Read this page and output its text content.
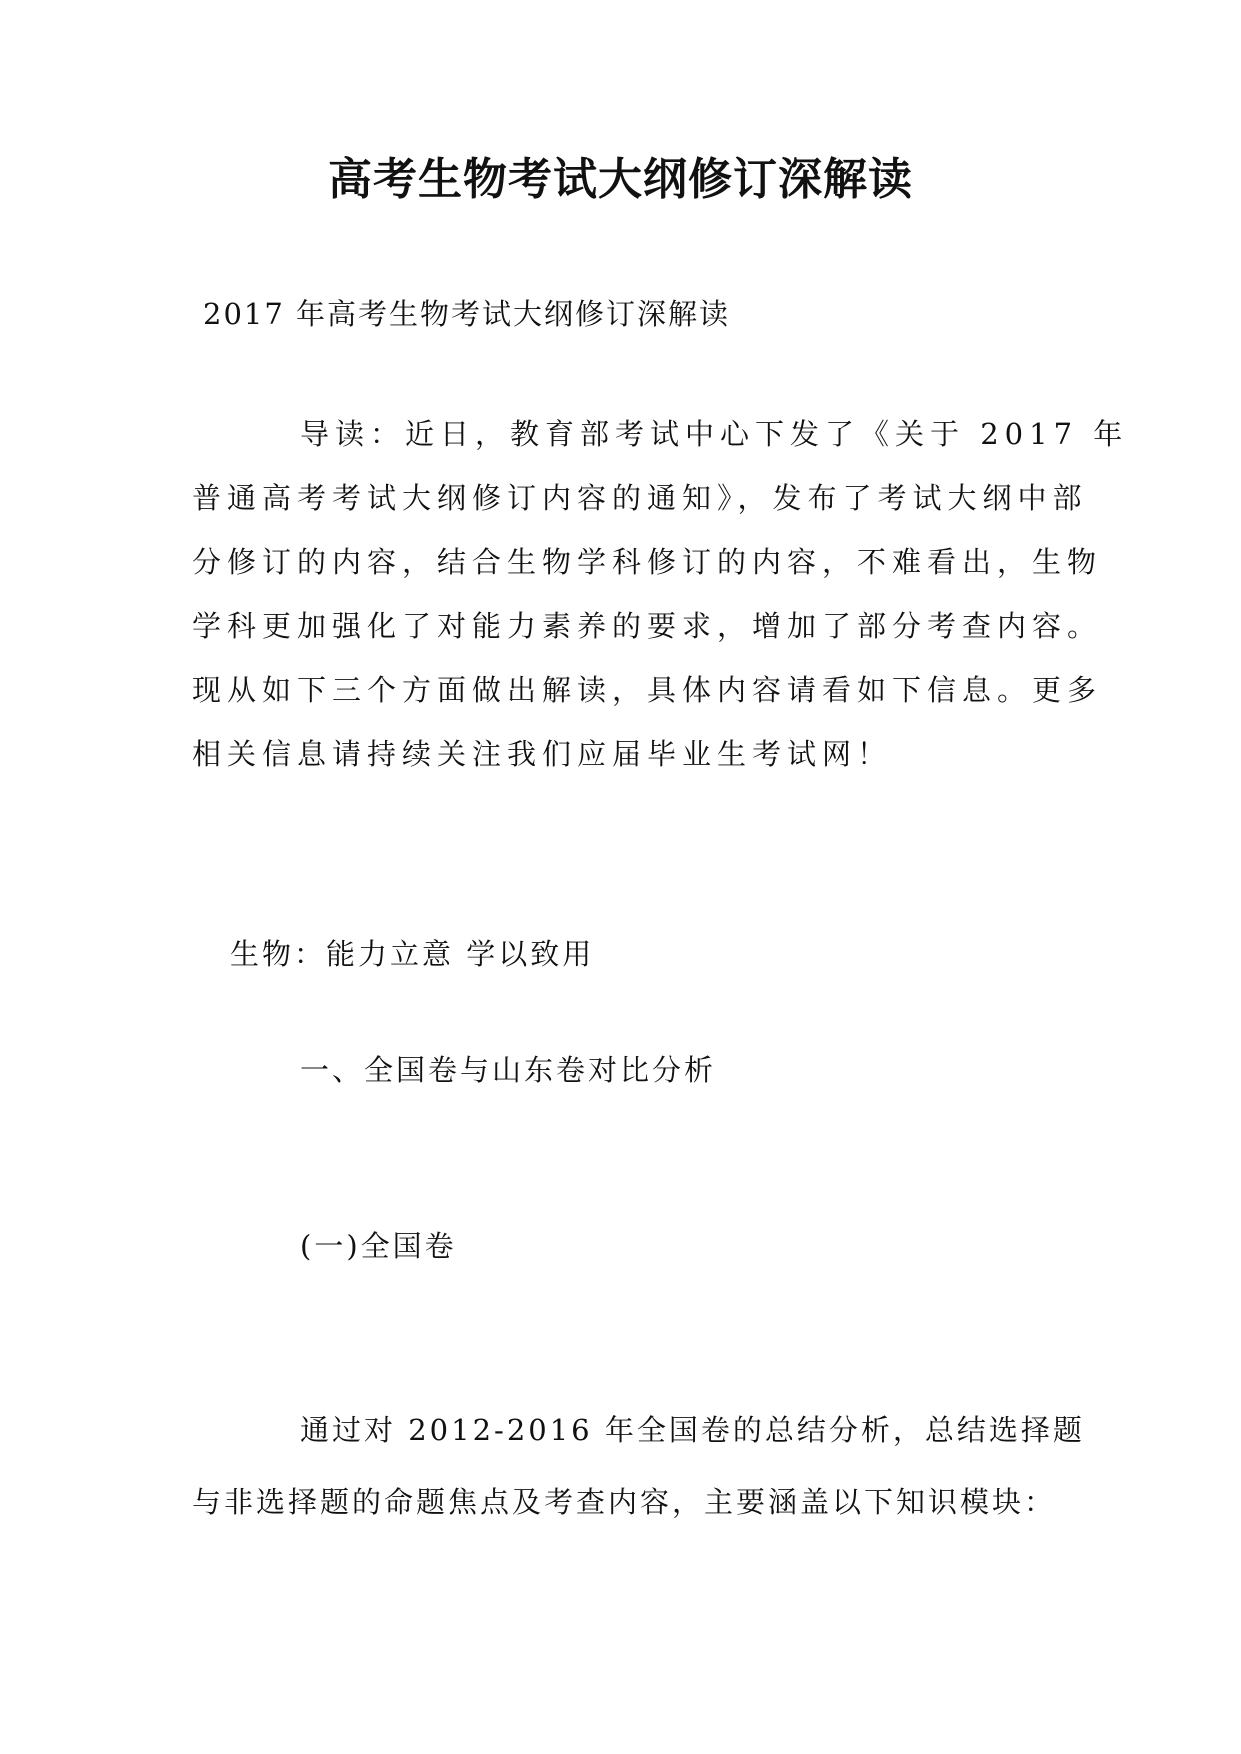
高考生物考试大纲修订深解读
2017 年高考生物考试大纲修订深解读
导读：近日，教育部考试中心下发了《关于 2017 年
普通高考考试大纲修订内容的通知》，发布了考试大纲中部
分修订的内容，结合生物学科修订的内容，不难看出，生物
学科更加强化了对能力素养的要求，增加了部分考查内容。
现从如下三个方面做出解读，具体内容请看如下信息。更多
相关信息请持续关注我们应届毕业生考试网！
生物：能力立意 学以致用
一、全国卷与山东卷对比分析
(一)全国卷
通过对 2012-2016 年全国卷的总结分析，总结选择题
与非选择题的命题焦点及考查内容，主要涵盖以下知识模块：
